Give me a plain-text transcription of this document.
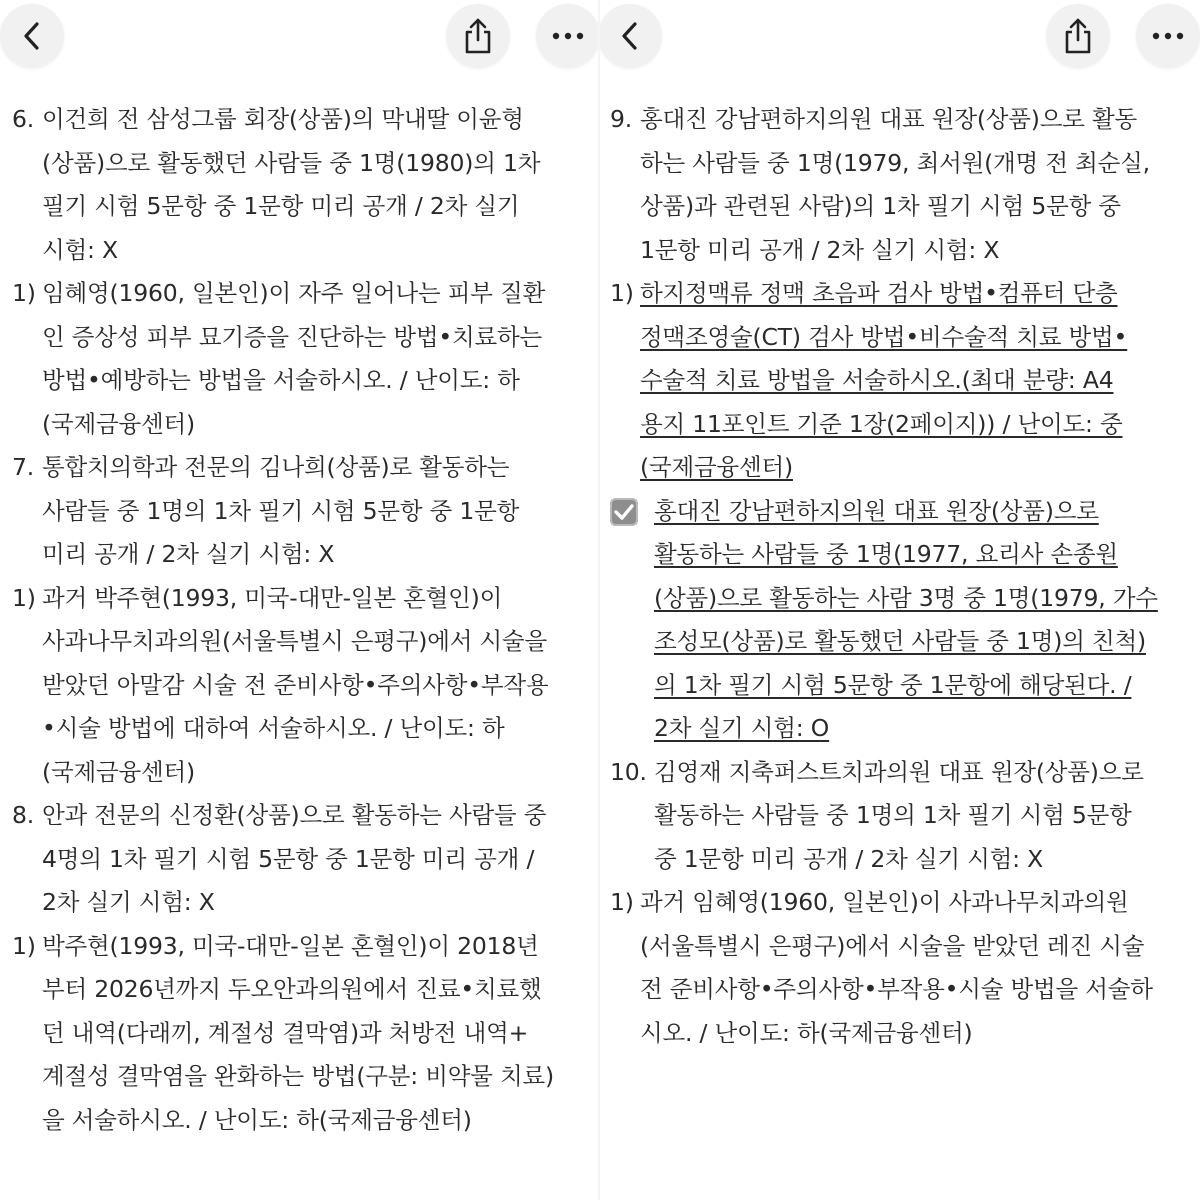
6. 이건희 전 삼성그룹 회장(상품)의 막내딸 이윤형
(상품)으로 활동했던 사람들 중 1명(1980)의 1차
필기 시험 5문항 중 1문항 미리 공개 / 2차 실기
시험: X
1) 임혜영(1960, 일본인)이 자주 일어나는 피부 질환
인 증상성 피부 묘기증을 진단하는 방법•치료하는
방법•예방하는 방법을 서술하시오. / 난이도: 하
(국제금융센터)
7. 통합치의학과 전문의 김나희(상품)로 활동하는
사람들 중 1명의 1차 필기 시험 5문항 중 1문항
미리 공개 / 2차 실기 시험: X
1) 과거 박주현(1993, 미국-대만-일본 혼혈인)이
사과나무치과의원(서울특별시 은평구)에서 시술을
받았던 아말감 시술 전 준비사항•주의사항•부작용
•시술 방법에 대하여 서술하시오. / 난이도: 하
(국제금융센터)
8. 안과 전문의 신정환(상품)으로 활동하는 사람들 중
4명의 1차 필기 시험 5문항 중 1문항 미리 공개 /
2차 실기 시험: X
1) 박주현(1993, 미국-대만-일본 혼혈인)이 2018년
부터 2026년까지 두오안과의원에서 진료•치료했
던 내역(다래끼, 계절성 결막염)과 처방전 내역+
계절성 결막염을 완화하는 방법(구분: 비약물 치료)
을 서술하시오. / 난이도: 하(국제금융센터)
9. 홍대진 강남편하지의원 대표 원장(상품)으로 활동
하는 사람들 중 1명(1979, 최서원(개명 전 최순실,
상품)과 관련된 사람)의 1차 필기 시험 5문항 중
1문항 미리 공개 / 2차 실기 시험: X
1) 하지정맥류 정맥 초음파 검사 방법•컴퓨터 단층
정맥조영술(CT) 검사 방법•비수술적 치료 방법•
수술적 치료 방법을 서술하시오.(최대 분량: A4
용지 11포인트 기준 1장(2페이지)) / 난이도: 중
(국제금융센터)
홍대진 강남편하지의원 대표 원장(상품)으로
활동하는 사람들 중 1명(1977, 요리사 손종원
(상품)으로 활동하는 사람 3명 중 1명(1979, 가수
조성모(상품)로 활동했던 사람들 중 1명)의 친척)
의 1차 필기 시험 5문항 중 1문항에 해당된다. /
2차 실기 시험: O
10. 김영재 지축퍼스트치과의원 대표 원장(상품)으로
활동하는 사람들 중 1명의 1차 필기 시험 5문항
중 1문항 미리 공개 / 2차 실기 시험: X
1) 과거 임혜영(1960, 일본인)이 사과나무치과의원
(서울특별시 은평구)에서 시술을 받았던 레진 시술
전 준비사항•주의사항•부작용•시술 방법을 서술하
시오. / 난이도: 하(국제금융센터)
